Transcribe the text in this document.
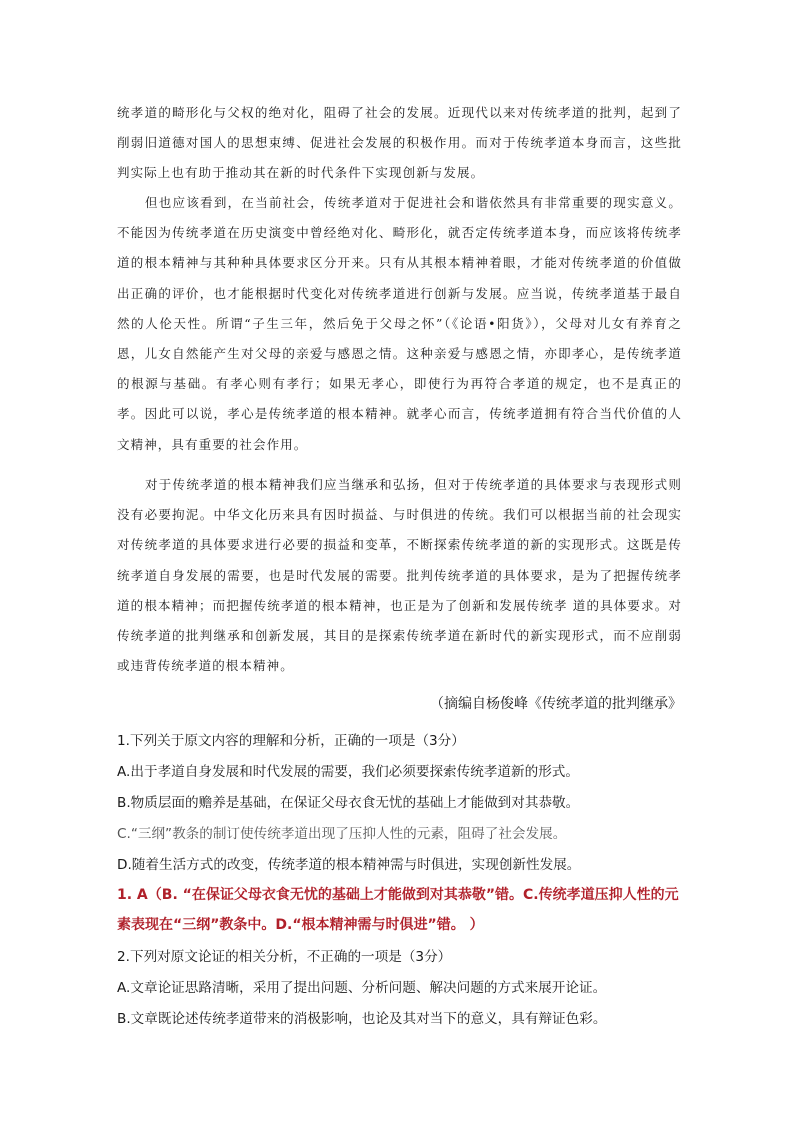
统孝道的畸形化与父权的绝对化，阻碍了社会的发展。近现代以来对传统孝道的批判，起到了削弱旧道德对国人的思想束缚、促进社会发展的积极作用。而对于传统孝道本身而言，这些批判实际上也有助于推动其在新的时代条件下实现创新与发展。

但也应该看到，在当前社会，传统孝道对于促进社会和谐依然具有非常重要的现实意义。不能因为传统孝道在历史演变中曾经绝对化、畸形化，就否定传统孝道本身，而应该将传统孝道的根本精神与其种种具体要求区分开来。只有从其根本精神着眼，才能对传统孝道的价值做出正确的评价，也才能根据时代变化对传统孝道进行创新与发展。应当说，传统孝道基于最自然的人伦天性。所谓“子生三年，然后免于父母之怀”（《论语•阳货》），父母对儿女有养育之恩，儿女自然能产生对父母的亲爱与感恩之情。这种亲爱与感恩之情，亦即孝心，是传统孝道的根源与基础。有孝心则有孝行；如果无孝心，即使行为再符合孝道的规定，也不是真正的孝。因此可以说，孝心是传统孝道的根本精神。就孝心而言，传统孝道拥有符合当代价值的人文精神，具有重要的社会作用。

对于传统孝道的根本精神我们应当继承和弘扬，但对于传统孝道的具体要求与表现形式则没有必要拘泥。中华文化历来具有因时损益、与时俱进的传统。我们可以根据当前的社会现实对传统孝道的具体要求进行必要的损益和变革，不断探索传统孝道的新的实现形式。这既是传统孝道自身发展的需要，也是时代发展的需要。批判传统孝道的具体要求，是为了把握传统孝道的根本精神；而把握传统孝道的根本精神，也正是为了创新和发展传统孝 道的具体要求。对传统孝道的批判继承和创新发展，其目的是探索传统孝道在新时代的新实现形式，而不应削弱或违背传统孝道的根本精神。

（摘编自杨俊峰《传统孝道的批判继承》

1.下列关于原文内容的理解和分析，正确的一项是（3分）

A.出于孝道自身发展和时代发展的需要，我们必须要探索传统孝道新的形式。

B.物质层面的赡养是基础，在保证父母衣食无忧的基础上才能做到对其恭敬。

C.“三纲”教条的制订使传统孝道出现了压抑人性的元素，阻碍了社会发展。

D.随着生活方式的改变，传统孝道的根本精神需与时俱进，实现创新性发展。

1. A（B. “在保证父母衣食无忧的基础上才能做到对其恭敬”错。C.传统孝道压抑人性的元素表现在“三纲”教条中。D.“根本精神需与时俱进”错。 ）

2.下列对原文论证的相关分析，不正确的一项是（3分）

A.文章论证思路清晰，采用了提出问题、分析问题、解决问题的方式来展开论证。

B.文章既论述传统孝道带来的消极影响，也论及其对当下的意义，具有辩证色彩。
